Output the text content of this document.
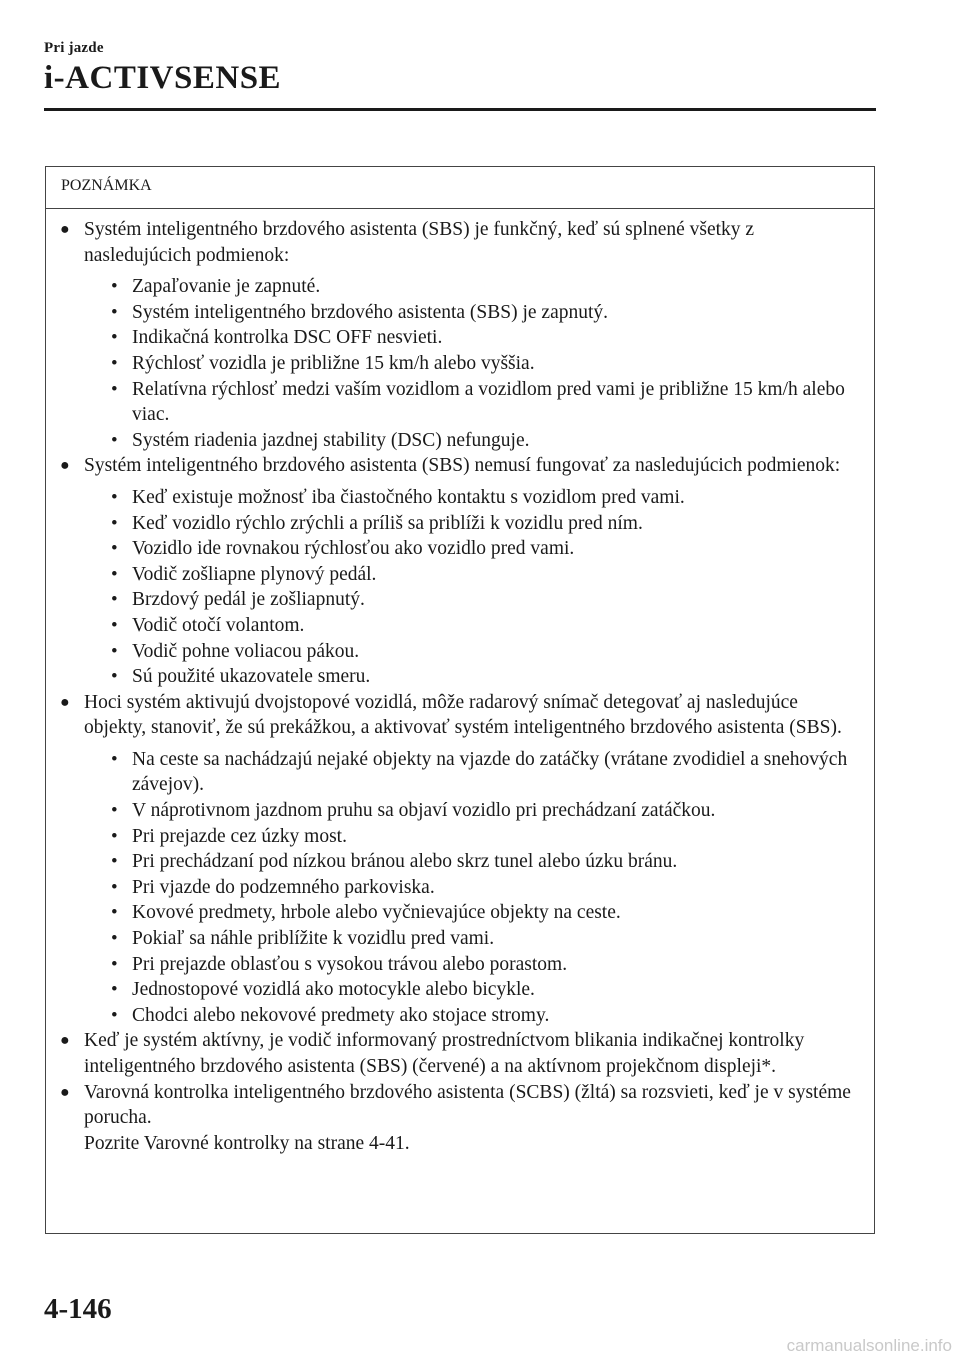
Pri jazde
i-ACTIVSENSE
POZNÁMKA
● Systém inteligentného brzdového asistenta (SBS) je funkčný, keď sú splnené všetky z nasledujúcich podmienok:
• Zapaľovanie je zapnuté.
• Systém inteligentného brzdového asistenta (SBS) je zapnutý.
• Indikačná kontrolka DSC OFF nesvieti.
• Rýchlosť vozidla je približne 15 km/h alebo vyššia.
• Relatívna rýchlosť medzi vaším vozidlom a vozidlom pred vami je približne 15 km/h alebo viac.
• Systém riadenia jazdnej stability (DSC) nefunguje.
● Systém inteligentného brzdového asistenta (SBS) nemusí fungovať za nasledujúcich podmienok:
• Keď existuje možnosť iba čiastočného kontaktu s vozidlom pred vami.
• Keď vozidlo rýchlo zrýchli a príliš sa priblíži k vozidlu pred ním.
• Vozidlo ide rovnakou rýchlosťou ako vozidlo pred vami.
• Vodič zošliapne plynový pedál.
• Brzdový pedál je zošliapnutý.
• Vodič otočí volantom.
• Vodič pohne voliacou pákou.
• Sú použité ukazovatele smeru.
● Hoci systém aktivujú dvojstopové vozidlá, môže radarový snímač detegovať aj nasledujúce objekty, stanoviť, že sú prekážkou, a aktivovať systém inteligentného brzdového asistenta (SBS).
• Na ceste sa nachádzajú nejaké objekty na vjazde do zatáčky (vrátane zvodidiel a snehových závejov).
• V náprotivnom jazdnom pruhu sa objaví vozidlo pri prechádzaní zatáčkou.
• Pri prejazde cez úzky most.
• Pri prechádzaní pod nízkou bránou alebo skrz tunel alebo úzku bránu.
• Pri vjazde do podzemného parkoviska.
• Kovové predmety, hrbole alebo vyčnievajúce objekty na ceste.
• Pokiaľ sa náhle priblížite k vozidlu pred vami.
• Pri prejazde oblasťou s vysokou trávou alebo porastom.
• Jednostopové vozidlá ako motocykle alebo bicykle.
• Chodci alebo nekovové predmety ako stojace stromy.
● Keď je systém aktívny, je vodič informovaný prostredníctvom blikania indikačnej kontrolky inteligentného brzdového asistenta (SBS) (červené) a na aktívnom projekčnom displeji*.
● Varovná kontrolka inteligentného brzdového asistenta (SCBS) (žltá) sa rozsvieti, keď je v systéme porucha.
Pozrite Varovné kontrolky na strane 4-41.
4-146
carmanualsonline.info
